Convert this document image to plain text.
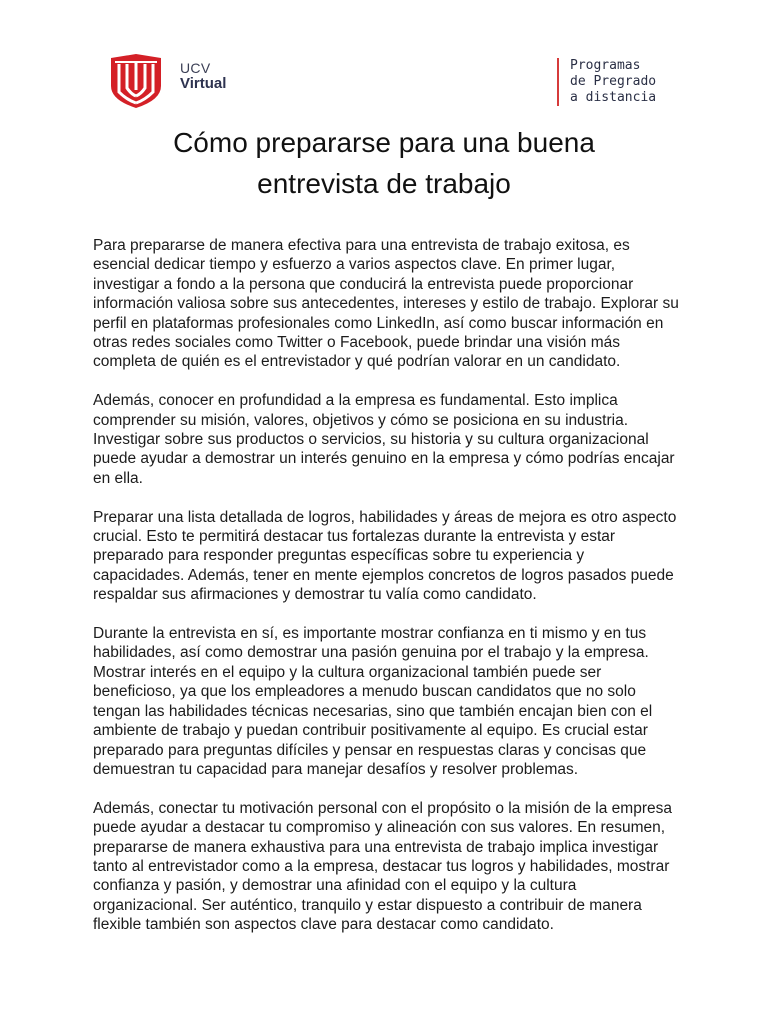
UCV
Virtual
Programas
de Pregrado
a distancia
Cómo prepararse para una buena
entrevista de trabajo

Para prepararse de manera efectiva para una entrevista de trabajo exitosa, es esencial dedicar tiempo y esfuerzo a varios aspectos clave. En primer lugar, investigar a fondo a la persona que conducirá la entrevista puede proporcionar información valiosa sobre sus antecedentes, intereses y estilo de trabajo. Explorar su perfil en plataformas profesionales como LinkedIn, así como buscar información en otras redes sociales como Twitter o Facebook, puede brindar una visión más completa de quién es el entrevistador y qué podrían valorar en un candidato.

Además, conocer en profundidad a la empresa es fundamental. Esto implica comprender su misión, valores, objetivos y cómo se posiciona en su industria. Investigar sobre sus productos o servicios, su historia y su cultura organizacional puede ayudar a demostrar un interés genuino en la empresa y cómo podrías encajar en ella.

Preparar una lista detallada de logros, habilidades y áreas de mejora es otro aspecto crucial. Esto te permitirá destacar tus fortalezas durante la entrevista y estar preparado para responder preguntas específicas sobre tu experiencia y capacidades. Además, tener en mente ejemplos concretos de logros pasados puede respaldar sus afirmaciones y demostrar tu valía como candidato.

Durante la entrevista en sí, es importante mostrar confianza en ti mismo y en tus habilidades, así como demostrar una pasión genuina por el trabajo y la empresa. Mostrar interés en el equipo y la cultura organizacional también puede ser beneficioso, ya que los empleadores a menudo buscan candidatos que no solo tengan las habilidades técnicas necesarias, sino que también encajan bien con el ambiente de trabajo y puedan contribuir positivamente al equipo. Es crucial estar preparado para preguntas difíciles y pensar en respuestas claras y concisas que demuestran tu capacidad para manejar desafíos y resolver problemas.

Además, conectar tu motivación personal con el propósito o la misión de la empresa puede ayudar a destacar tu compromiso y alineación con sus valores. En resumen, prepararse de manera exhaustiva para una entrevista de trabajo implica investigar tanto al entrevistador como a la empresa, destacar tus logros y habilidades, mostrar confianza y pasión, y demostrar una afinidad con el equipo y la cultura organizacional. Ser auténtico, tranquilo y estar dispuesto a contribuir de manera flexible también son aspectos clave para destacar como candidato.
